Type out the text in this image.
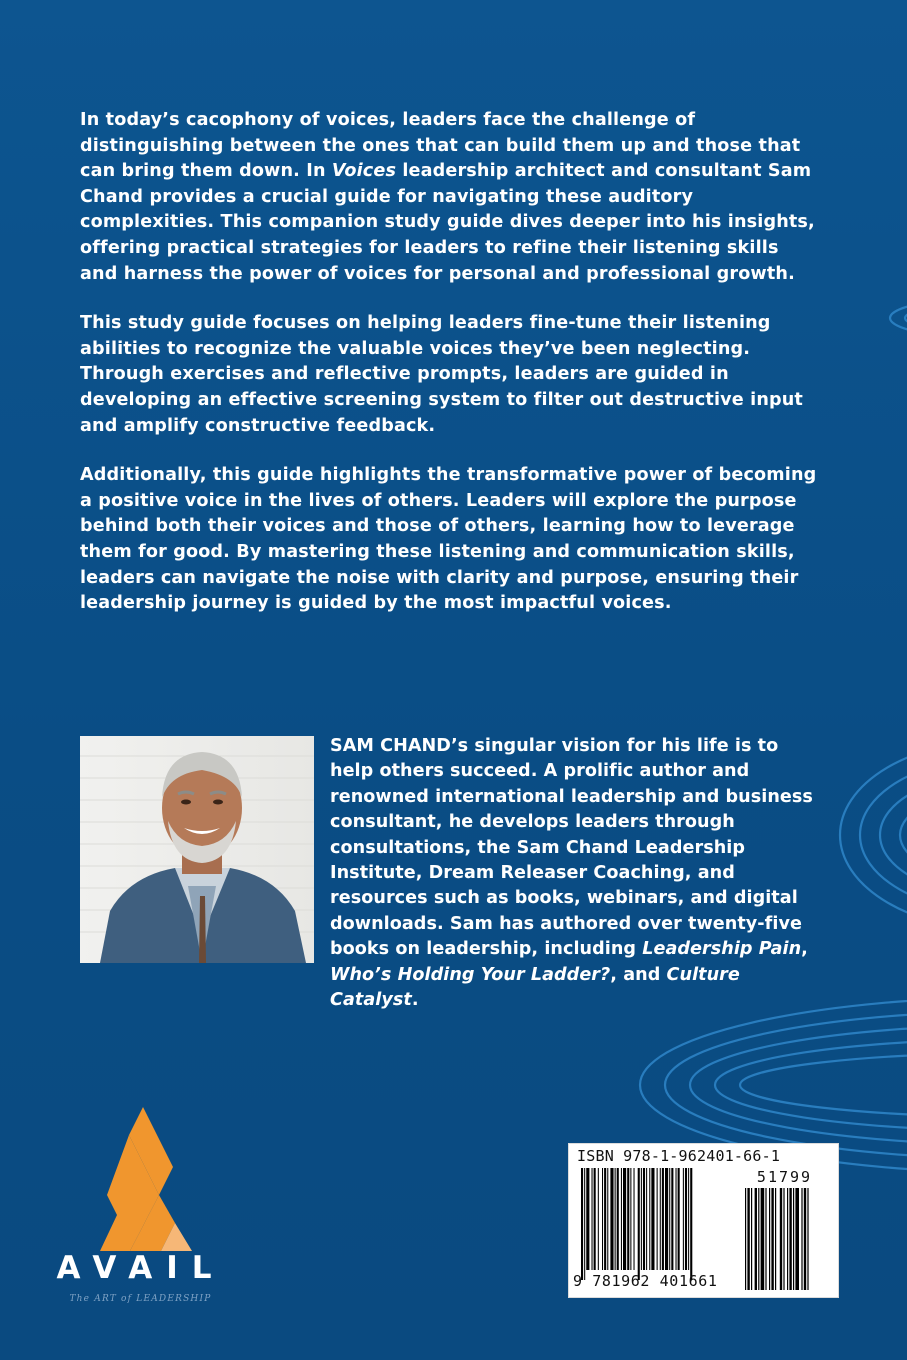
In today’s cacophony of voices, leaders face the challenge of distinguishing between the ones that can build them up and those that can bring them down. In Voices leadership architect and consultant Sam Chand provides a crucial guide for navigating these auditory complexities. This companion study guide dives deeper into his insights, offering practical strategies for leaders to refine their listening skills and harness the power of voices for personal and professional growth.

This study guide focuses on helping leaders fine-tune their listening abilities to recognize the valuable voices they’ve been neglecting. Through exercises and reflective prompts, leaders are guided in developing an effective screening system to filter out destructive input and amplify constructive feedback.

Additionally, this guide highlights the transformative power of becoming a positive voice in the lives of others. Leaders will explore the purpose behind both their voices and those of others, learning how to leverage them for good. By mastering these listening and communication skills, leaders can navigate the noise with clarity and purpose, ensuring their leadership journey is guided by the most impactful voices.

SAM CHAND’s singular vision for his life is to help others succeed. A prolific author and renowned international leadership and business consultant, he develops leaders through consultations, the Sam Chand Leadership Institute, Dream Releaser Coaching, and resources such as books, webinars, and digital downloads. Sam has authored over twenty-five books on leadership, including Leadership Pain, Who’s Holding Your Ladder?, and Culture Catalyst.
AVAIL
The ART of LEADERSHIP
ISBN 978-1-962401-66-1
51799
9 781962 401661
